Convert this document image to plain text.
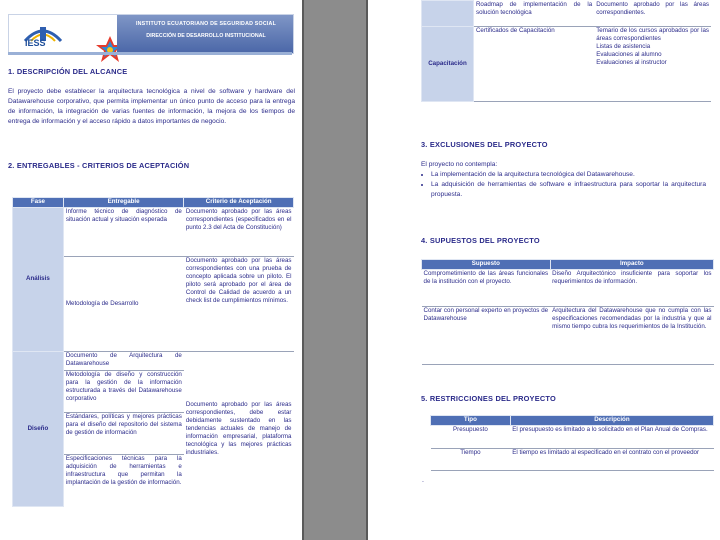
IESS
INSTITUTO ECUATORIANO DE SEGURIDAD SOCIAL
DIRECCIÓN DE DESARROLLO INSTITUCIONAL
1. DESCRIPCIÓN DEL ALCANCE

El proyecto debe establecer la arquitectura tecnológica a nivel de software y hardware del Datawarehouse corporativo, que permita implementar un único punto de acceso para la entrega de información, la integración de varias fuentes de información, la mejora de los tiempos de entrega de información y el acceso rápido a datos importantes de negocio.

2. ENTREGABLES - CRITERIOS DE ACEPTACIÓN
Fase	Entregable	Criterio de Aceptación
Análisis	Informe técnico de diagnóstico de situación actual y situación esperada	Documento aprobado por las áreas correspondientes (especificados en el punto 2.3 del Acta de Constitución)
	Metodología de Desarrollo	Documento aprobado por las áreas correspondientes con una prueba de concepto aplicada sobre un piloto. El piloto será aprobado por el área de Control de Calidad de acuerdo a un check list de cumplimientos mínimos.
Diseño	Documento de Arquitectura de Datawarehouse	Documento aprobado por las áreas correspondientes, debe estar debidamente sustentado en las tendencias actuales de manejo de información empresarial, plataforma tecnológica y las mejores prácticas industriales.
	Metodología de diseño y construcción para la gestión de la información estructurada a través del Datawarehouse corporativo	
	Estándares, políticas y mejores prácticas para el diseño del repositorio del sistema de gestión de información	
	Especificaciones técnicas para la adquisición de herramientas e infraestructura que permitan la implantación de la gestión de información.	
	Roadmap de implementación de la solución tecnológica	Documento aprobado por las áreas correspondientes.
Capacitación	Certificados de Capacitación	Temario de los cursos aprobados por las áreas correspondientes
Listas de asistencia
Evaluaciones al alumno
Evaluaciones al instructor
3. EXCLUSIONES DEL PROYECTO

El proyecto no contempla:

• La implementación de la arquitectura tecnológica del Datawarehouse.
• La adquisición de herramientas de software e infraestructura para soportar la arquitectura propuesta.
4. SUPUESTOS DEL PROYECTO
Supuesto	Impacto
Comprometimiento de las áreas funcionales de la institución con el proyecto.	Diseño Arquitectónico insuficiente para soportar los requerimientos de información.
Contar con personal experto en proyectos de Datawarehouse	Arquitectura del Datawarehouse que no cumpla con las especificaciones recomendadas por la industria y que al mismo tiempo cubra los requerimientos de la Institución.
5. RESTRICCIONES DEL PROYECTO
Tipo	Descripción
Presupuesto	El presupuesto es limitado a lo solicitado en el Plan Anual de Compras.
Tiempo	El tiempo es limitado al especificado en el contrato con el proveedor
.
